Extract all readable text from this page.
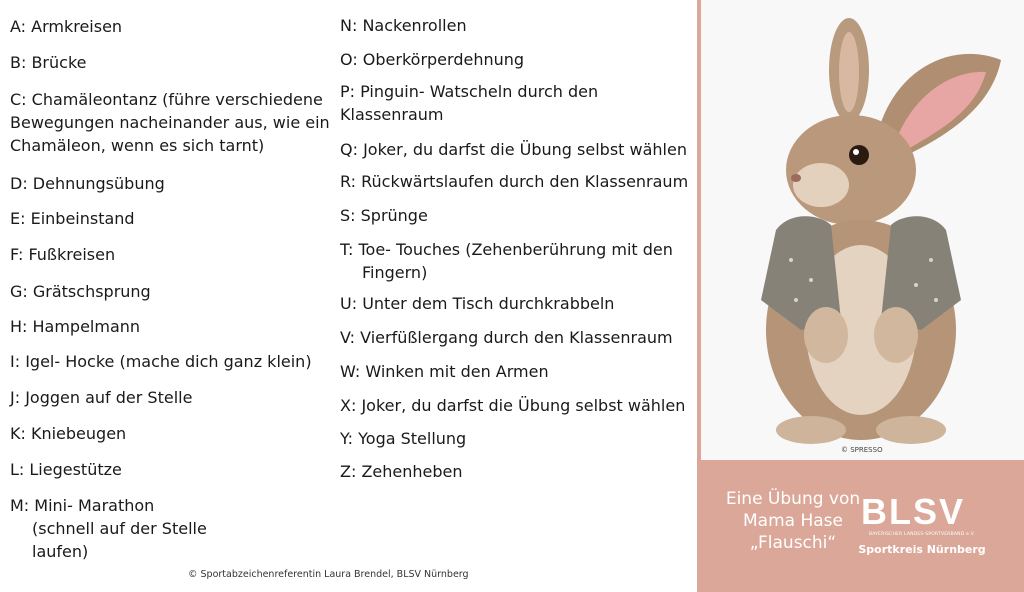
A: Armkreisen
B: Brücke
C: Chamäleontanz (führe verschiedene
Bewegungen nacheinander aus, wie ein
Chamäleon, wenn es sich tarnt)
D: Dehnungsübung
E: Einbeinstand
F: Fußkreisen
G: Grätschsprung
H: Hampelmann
I: Igel- Hocke (mache dich ganz klein)
J: Joggen auf der Stelle
K: Kniebeugen
L: Liegestütze
M: Mini- Marathon
(schnell auf der Stelle
laufen)
N: Nackenrollen
O: Oberkörperdehnung
P: Pinguin- Watscheln durch den
Klassenraum
Q: Joker, du darfst die Übung selbst wählen
R: Rückwärtslaufen durch den Klassenraum
S: Sprünge
T: Toe- Touches (Zehenberührung mit den
Fingern)
U: Unter dem Tisch durchkrabbeln
V: Vierfüßlergang durch den Klassenraum
W: Winken mit den Armen
X: Joker, du darfst die Übung selbst wählen
Y: Yoga Stellung
Z: Zehenheben
© Sportabzeichenreferentin Laura Brendel, BLSV Nürnberg
© SPRESSO
Eine Übung von
Mama Hase
„Flauschi“
BLSV
BAYERISCHER LANDES-SPORTVERBAND e.V.
Sportkreis Nürnberg
